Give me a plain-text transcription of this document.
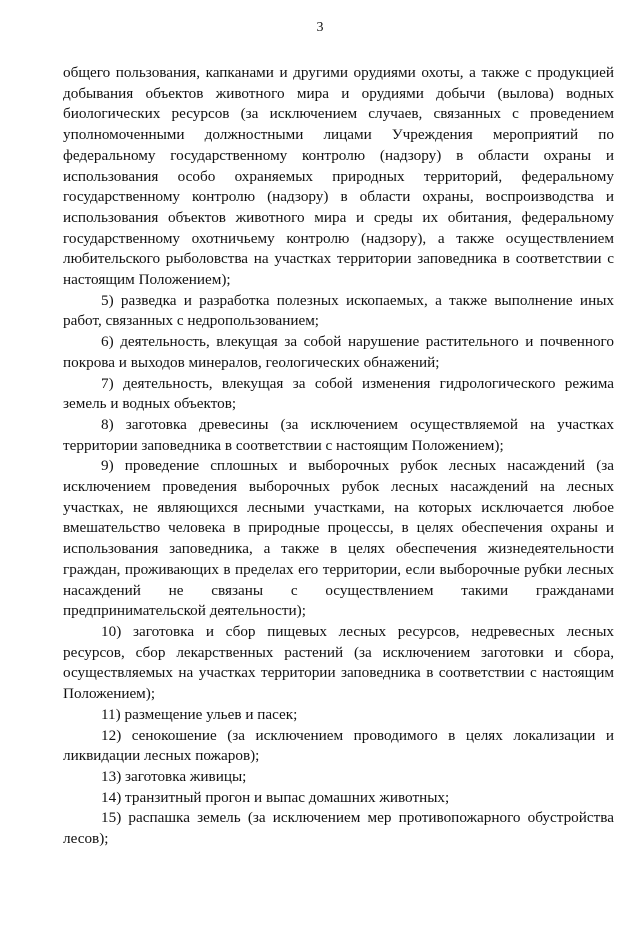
3

общего пользования, капканами и другими орудиями охоты, а также с продукцией добывания объектов животного мира и орудиями добычи (вылова) водных биологических ресурсов (за исключением случаев, связанных с проведением уполномоченными должностными лицами Учреждения мероприятий по федеральному государственному контролю (надзору) в области охраны и использования особо охраняемых природных территорий, федеральному государственному контролю (надзору) в области охраны, воспроизводства и использования объектов животного мира и среды их обитания, федеральному государственному охотничьему контролю (надзору), а также осуществлением любительского рыболовства на участках территории заповедника в соответствии с настоящим Положением);

5) разведка и разработка полезных ископаемых, а также выполнение иных работ, связанных с недропользованием;

6) деятельность, влекущая за собой нарушение растительного и почвенного покрова и выходов минералов, геологических обнажений;

7) деятельность, влекущая за собой изменения гидрологического режима земель и водных объектов;

8) заготовка древесины (за исключением осуществляемой на участках территории заповедника в соответствии с настоящим Положением);

9) проведение сплошных и выборочных рубок лесных насаждений (за исключением проведения выборочных рубок лесных насаждений на лесных участках, не являющихся лесными участками, на которых исключается любое вмешательство человека в природные процессы, в целях обеспечения охраны и использования заповедника, а также в целях обеспечения жизнедеятельности граждан, проживающих в пределах его территории, если выборочные рубки лесных насаждений не связаны с осуществлением такими гражданами предпринимательской деятельности);

10) заготовка и сбор пищевых лесных ресурсов, недревесных лесных ресурсов, сбор лекарственных растений (за исключением заготовки и сбора, осуществляемых на участках территории заповедника в соответствии с настоящим Положением);

11) размещение ульев и пасек;

12) сенокошение (за исключением проводимого в целях локализации и ликвидации лесных пожаров);

13) заготовка живицы;

14) транзитный прогон и выпас домашних животных;

15) распашка земель (за исключением мер противопожарного обустройства лесов);
